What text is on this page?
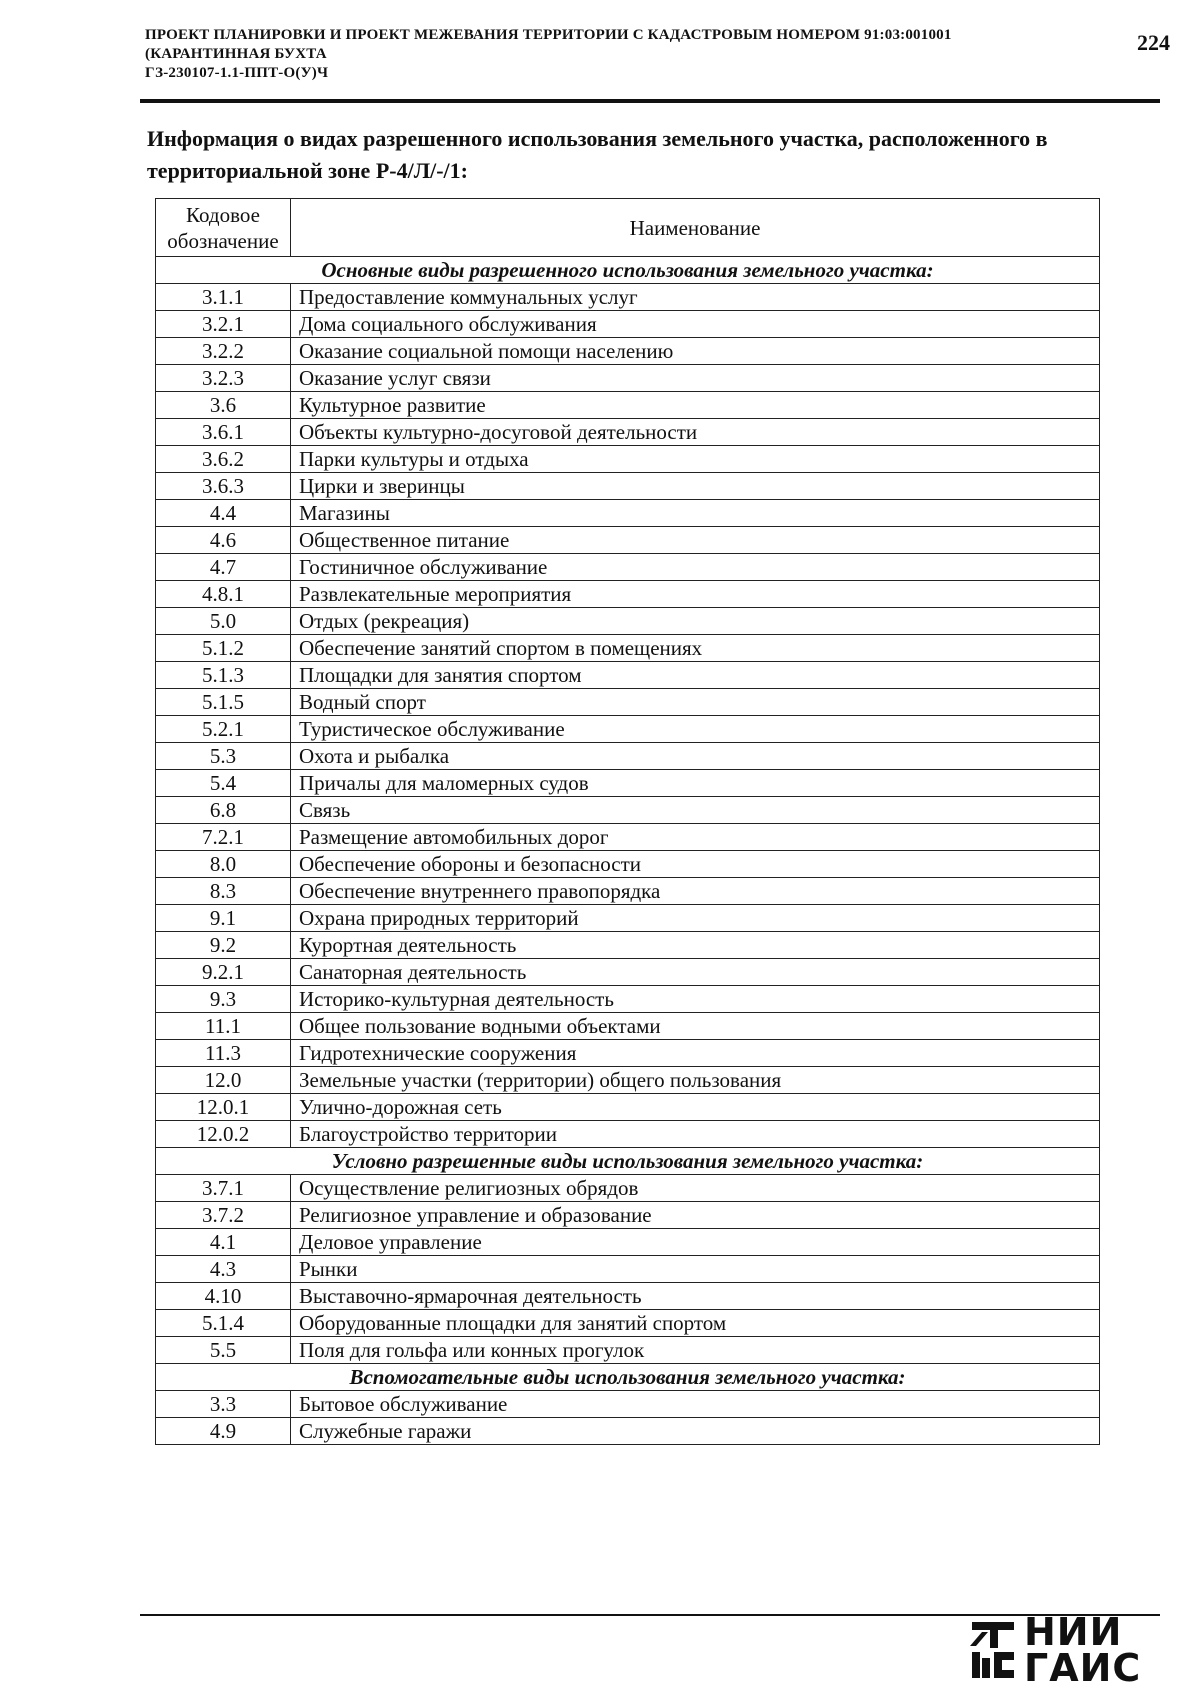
ПРОЕКТ ПЛАНИРОВКИ И ПРОЕКТ МЕЖЕВАНИЯ ТЕРРИТОРИИ С КАДАСТРОВЫМ НОМЕРОМ 91:03:001001
(КАРАНТИННАЯ БУХТА
ГЗ-230107-1.1-ППТ-О(У)Ч
224
Информация о видах разрешенного использования земельного участка, расположенного в территориальной зоне Р-4/Л/-/1:
Кодовое обозначение	Наименование
Основные виды разрешенного использования земельного участка:	
3.1.1	Предоставление коммунальных услуг
3.2.1	Дома социального обслуживания
3.2.2	Оказание социальной помощи населению
3.2.3	Оказание услуг связи
3.6	Культурное развитие
3.6.1	Объекты культурно-досуговой деятельности
3.6.2	Парки культуры и отдыха
3.6.3	Цирки и зверинцы
4.4	Магазины
4.6	Общественное питание
4.7	Гостиничное обслуживание
4.8.1	Развлекательные мероприятия
5.0	Отдых (рекреация)
5.1.2	Обеспечение занятий спортом в помещениях
5.1.3	Площадки для занятия спортом
5.1.5	Водный спорт
5.2.1	Туристическое обслуживание
5.3	Охота и рыбалка
5.4	Причалы для маломерных судов
6.8	Связь
7.2.1	Размещение автомобильных дорог
8.0	Обеспечение обороны и безопасности
8.3	Обеспечение внутреннего правопорядка
9.1	Охрана природных территорий
9.2	Курортная деятельность
9.2.1	Санаторная деятельность
9.3	Историко-культурная деятельность
11.1	Общее пользование водными объектами
11.3	Гидротехнические сооружения
12.0	Земельные участки (территории) общего пользования
12.0.1	Улично-дорожная сеть
12.0.2	Благоустройство территории
Условно разрешенные виды использования земельного участка:	
3.7.1	Осуществление религиозных обрядов
3.7.2	Религиозное управление и образование
4.1	Деловое управление
4.3	Рынки
4.10	Выставочно-ярмарочная деятельность
5.1.4	Оборудованные площадки для занятий спортом
5.5	Поля для гольфа или конных прогулок
Вспомогательные виды использования земельного участка:	
3.3	Бытовое обслуживание
4.9	Служебные гаражи
НИИ
ГАИС
